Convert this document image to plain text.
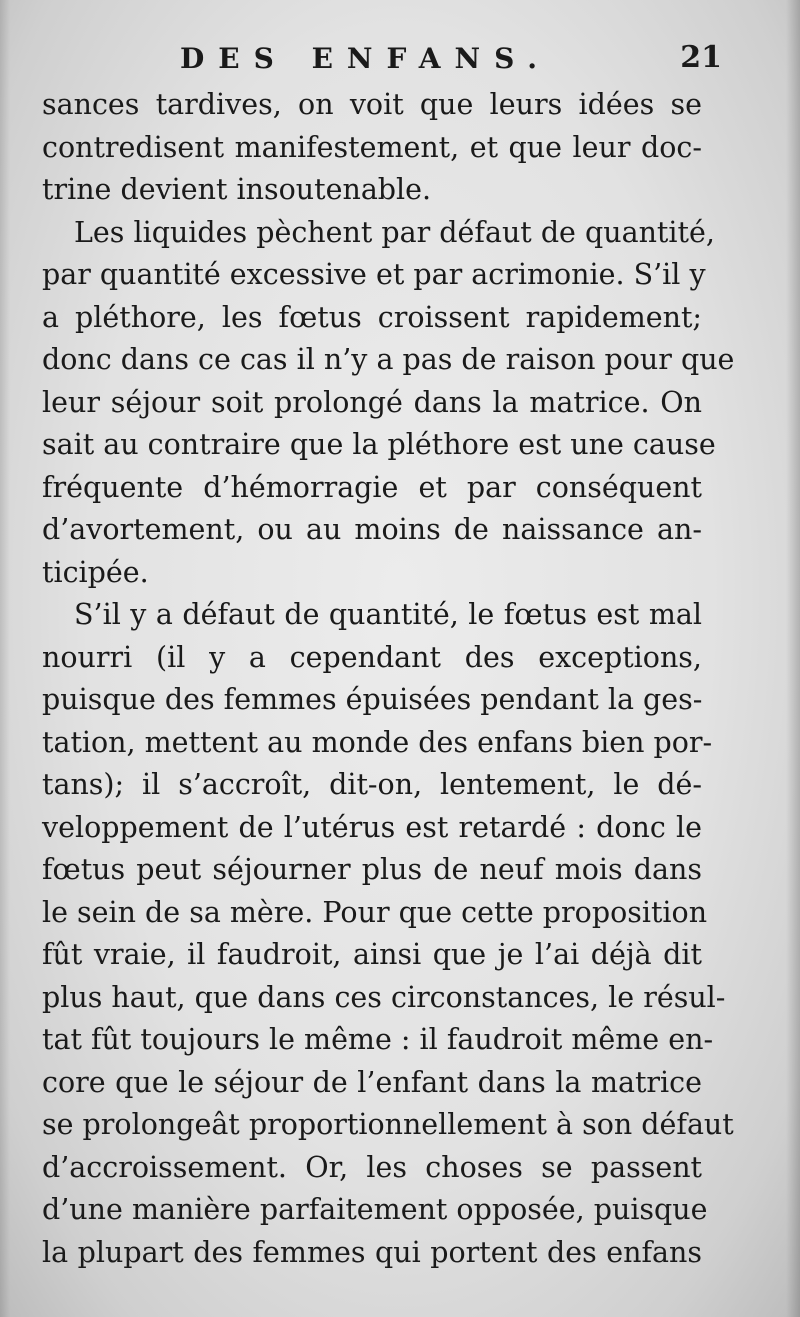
DES ENFANS.	21
sances tardives, on voit que leurs idées se
contredisent manifestement, et que leur doc-
trine devient insoutenable.
Les liquides pèchent par défaut de quantité,
par quantité excessive et par acrimonie. S’il y
a pléthore, les fœtus croissent rapidement;
donc dans ce cas il n’y a pas de raison pour que
leur séjour soit prolongé dans la matrice. On
sait au contraire que la pléthore est une cause
fréquente d’hémorragie et par conséquent
d’avortement, ou au moins de naissance an-
ticipée.
S’il y a défaut de quantité, le fœtus est mal
nourri (il y a cependant des exceptions,
puisque des femmes épuisées pendant la ges-
tation, mettent au monde des enfans bien por-
tans); il s’accroît, dit-on, lentement, le dé-
veloppement de l’utérus est retardé : donc le
fœtus peut séjourner plus de neuf mois dans
le sein de sa mère. Pour que cette proposition
fût vraie, il faudroit, ainsi que je l’ai déjà dit
plus haut, que dans ces circonstances, le résul-
tat fût toujours le même : il faudroit même en-
core que le séjour de l’enfant dans la matrice
se prolongeât proportionnellement à son défaut
d’accroissement. Or, les choses se passent
d’une manière parfaitement opposée, puisque
la plupart des femmes qui portent des enfans
